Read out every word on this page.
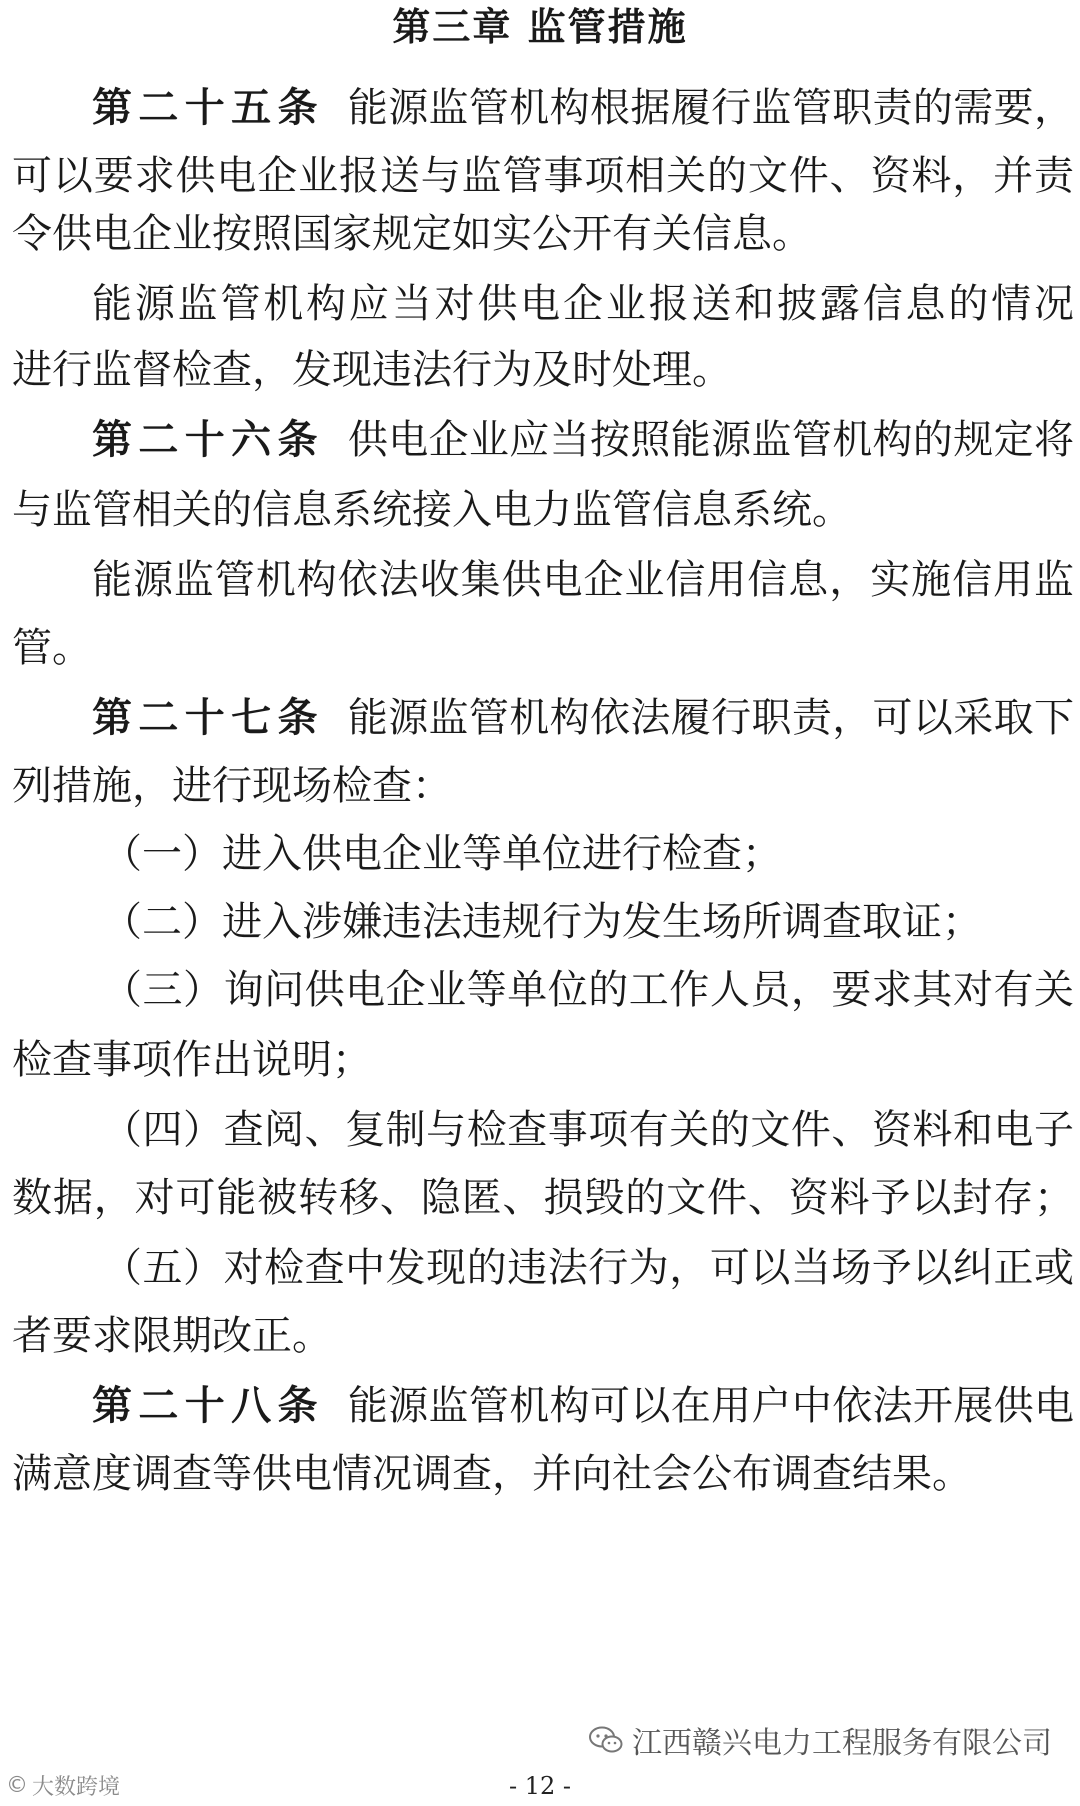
第三章 监管措施
第二十五条 能源监管机构根据履行监管职责的需要，
可以要求供电企业报送与监管事项相关的文件、资料，并责
令供电企业按照国家规定如实公开有关信息。
能源监管机构应当对供电企业报送和披露信息的情况
进行监督检查，发现违法行为及时处理。
第二十六条 供电企业应当按照能源监管机构的规定将
与监管相关的信息系统接入电力监管信息系统。
能源监管机构依法收集供电企业信用信息，实施信用监
管。
第二十七条 能源监管机构依法履行职责，可以采取下
列措施，进行现场检查：
（一）进入供电企业等单位进行检查；
（二）进入涉嫌违法违规行为发生场所调查取证；
（三）询问供电企业等单位的工作人员，要求其对有关
检查事项作出说明；
（四）查阅、复制与检查事项有关的文件、资料和电子
数据，对可能被转移、隐匿、损毁的文件、资料予以封存；
（五）对检查中发现的违法行为，可以当场予以纠正或
者要求限期改正。
第二十八条 能源监管机构可以在用户中依法开展供电
满意度调查等供电情况调查，并向社会公布调查结果。
江西赣兴电力工程服务有限公司
© 大数跨境	- 12 -
